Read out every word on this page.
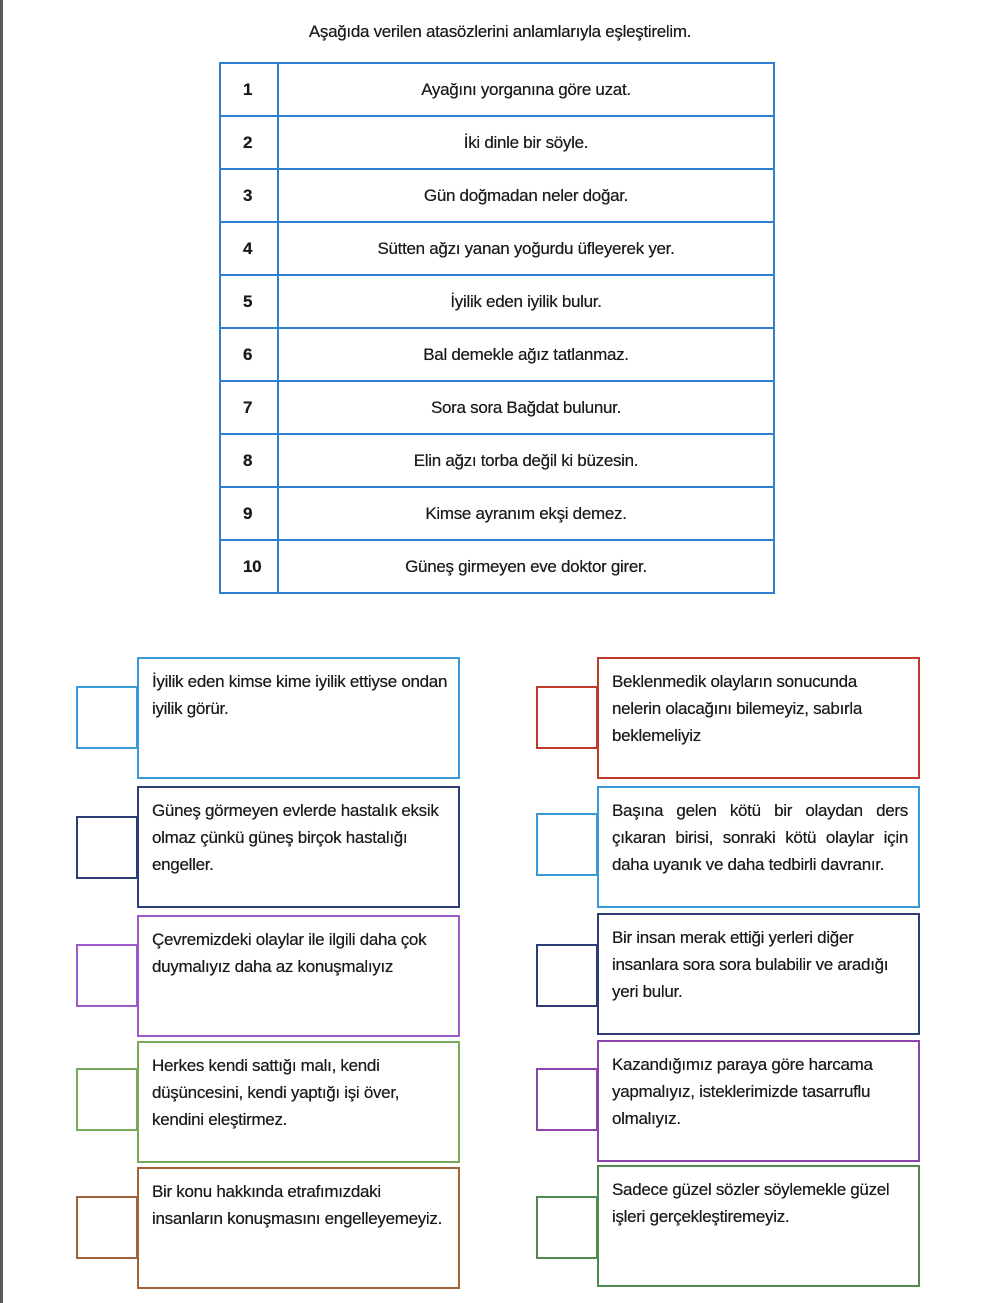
Aşağıda verilen atasözlerini anlamlarıyla eşleştirelim.
1	Ayağını yorganına göre uzat.
2	İki dinle bir söyle.
3	Gün doğmadan neler doğar.
4	Sütten ağzı yanan yoğurdu üfleyerek yer.
5	İyilik eden iyilik bulur.
6	Bal demekle ağız tatlanmaz.
7	Sora sora Bağdat bulunur.
8	Elin ağzı torba değil ki büzesin.
9	Kimse ayranım ekşi demez.
10	Güneş girmeyen eve doktor girer.
İyilik eden kimse kime iyilik ettiyse ondan iyilik görür.
Güneş görmeyen evlerde hastalık eksik olmaz çünkü güneş birçok hastalığı engeller.
Çevremizdeki olaylar ile ilgili daha çok duymalıyız daha az konuşmalıyız
Herkes kendi sattığı malı, kendi düşüncesini, kendi yaptığı işi över, kendini eleştirmez.
Bir konu hakkında etrafımızdaki insanların konuşmasını engelleyemeyiz.
Beklenmedik olayların sonucunda nelerin olacağını bilemeyiz, sabırla beklemeliyiz
Başına gelen kötü bir olaydan ders çıkaran birisi, sonraki kötü olaylar için daha uyanık ve daha tedbirli davranır.
Bir insan merak ettiği yerleri diğer insanlara sora sora bulabilir ve aradığı yeri bulur.
Kazandığımız paraya göre harcama yapmalıyız, isteklerimizde tasarruflu olmalıyız.
Sadece güzel sözler söylemekle güzel işleri gerçekleştiremeyiz.
